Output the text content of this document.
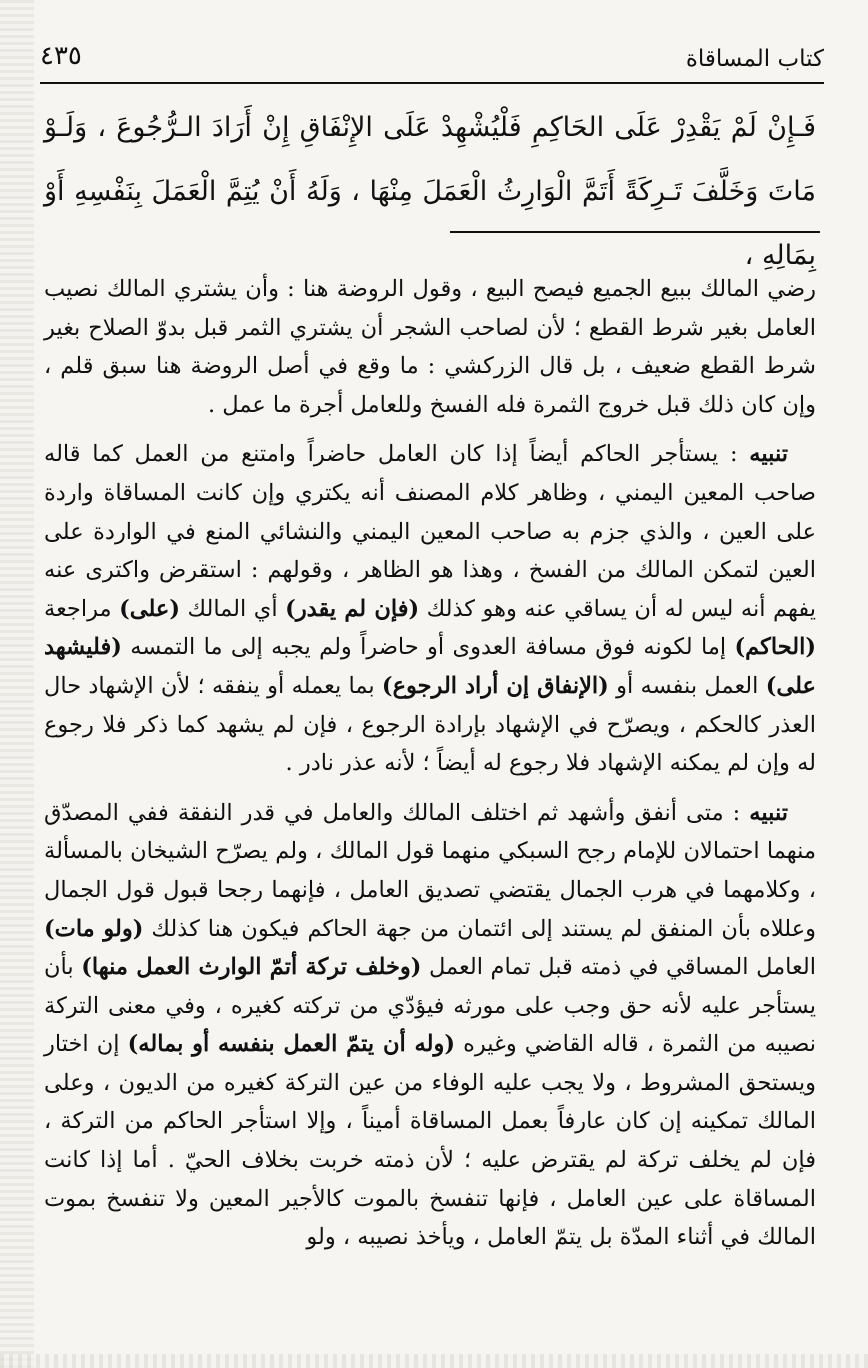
كتاب المساقاة
٤٣٥
فَـإِنْ لَمْ يَقْدِرْ عَلَى الحَاكِمِ فَلْيُشْهِدْ عَلَى الإِنْفَاقِ إِنْ أَرَادَ الـرُّجُوعَ ، وَلَـوْ مَاتَ وَخَلَّفَ تَـرِكَةً أَتَمَّ الْوَارِثُ الْعَمَلَ مِنْهَا ، وَلَهُ أَنْ يُتِمَّ الْعَمَلَ بِنَفْسِهِ أَوْ بِمَالِهِ ،

رضي المالك ببيع الجميع فيصح البيع ، وقول الروضة هنا : وأن يشتري المالك نصيب العامل بغير شرط القطع ؛ لأن لصاحب الشجر أن يشتري الثمر قبل بدوّ الصلاح بغير شرط القطع ضعيف ، بل قال الزركشي : ما وقع في أصل الروضة هنا سبق قلم ، وإن كان ذلك قبل خروج الثمرة فله الفسخ وللعامل أجرة ما عمل .

تنبيه : يستأجر الحاكم أيضاً إذا كان العامل حاضراً وامتنع من العمل كما قاله صاحب المعين اليمني ، وظاهر كلام المصنف أنه يكتري وإن كانت المساقاة واردة على العين ، والذي جزم به صاحب المعين اليمني والنشائي المنع في الواردة على العين لتمكن المالك من الفسخ ، وهذا هو الظاهر ، وقولهم : استقرض واكترى عنه يفهم أنه ليس له أن يساقي عنه وهو كذلك (فإن لم يقدر) أي المالك (على) مراجعة (الحاكم) إما لكونه فوق مسافة العدوى أو حاضراً ولم يجبه إلى ما التمسه (فليشهد على) العمل بنفسه أو (الإنفاق إن أراد الرجوع) بما يعمله أو ينفقه ؛ لأن الإشهاد حال العذر كالحكم ، ويصرّح في الإشهاد بإرادة الرجوع ، فإن لم يشهد كما ذكر فلا رجوع له وإن لم يمكنه الإشهاد فلا رجوع له أيضاً ؛ لأنه عذر نادر .

تنبيه : متى أنفق وأشهد ثم اختلف المالك والعامل في قدر النفقة ففي المصدّق منهما احتمالان للإمام رجح السبكي منهما قول المالك ، ولم يصرّح الشيخان بالمسألة ، وكلامهما في هرب الجمال يقتضي تصديق العامل ، فإنهما رجحا قبول قول الجمال وعللاه بأن المنفق لم يستند إلى ائتمان من جهة الحاكم فيكون هنا كذلك (ولو مات) العامل المساقي في ذمته قبل تمام العمل (وخلف تركة أتمّ الوارث العمل منها) بأن يستأجر عليه لأنه حق وجب على مورثه فيؤدّي من تركته كغيره ، وفي معنى التركة نصيبه من الثمرة ، قاله القاضي وغيره (وله أن يتمّ العمل بنفسه أو بماله) إن اختار ويستحق المشروط ، ولا يجب عليه الوفاء من عين التركة كغيره من الديون ، وعلى المالك تمكينه إن كان عارفاً بعمل المساقاة أميناً ، وإلا استأجر الحاكم من التركة ، فإن لم يخلف تركة لم يقترض عليه ؛ لأن ذمته خربت بخلاف الحيّ . أما إذا كانت المساقاة على عين العامل ، فإنها تنفسخ بالموت كالأجير المعين ولا تنفسخ بموت المالك في أثناء المدّة بل يتمّ العامل ، ويأخذ نصيبه ، ولو
